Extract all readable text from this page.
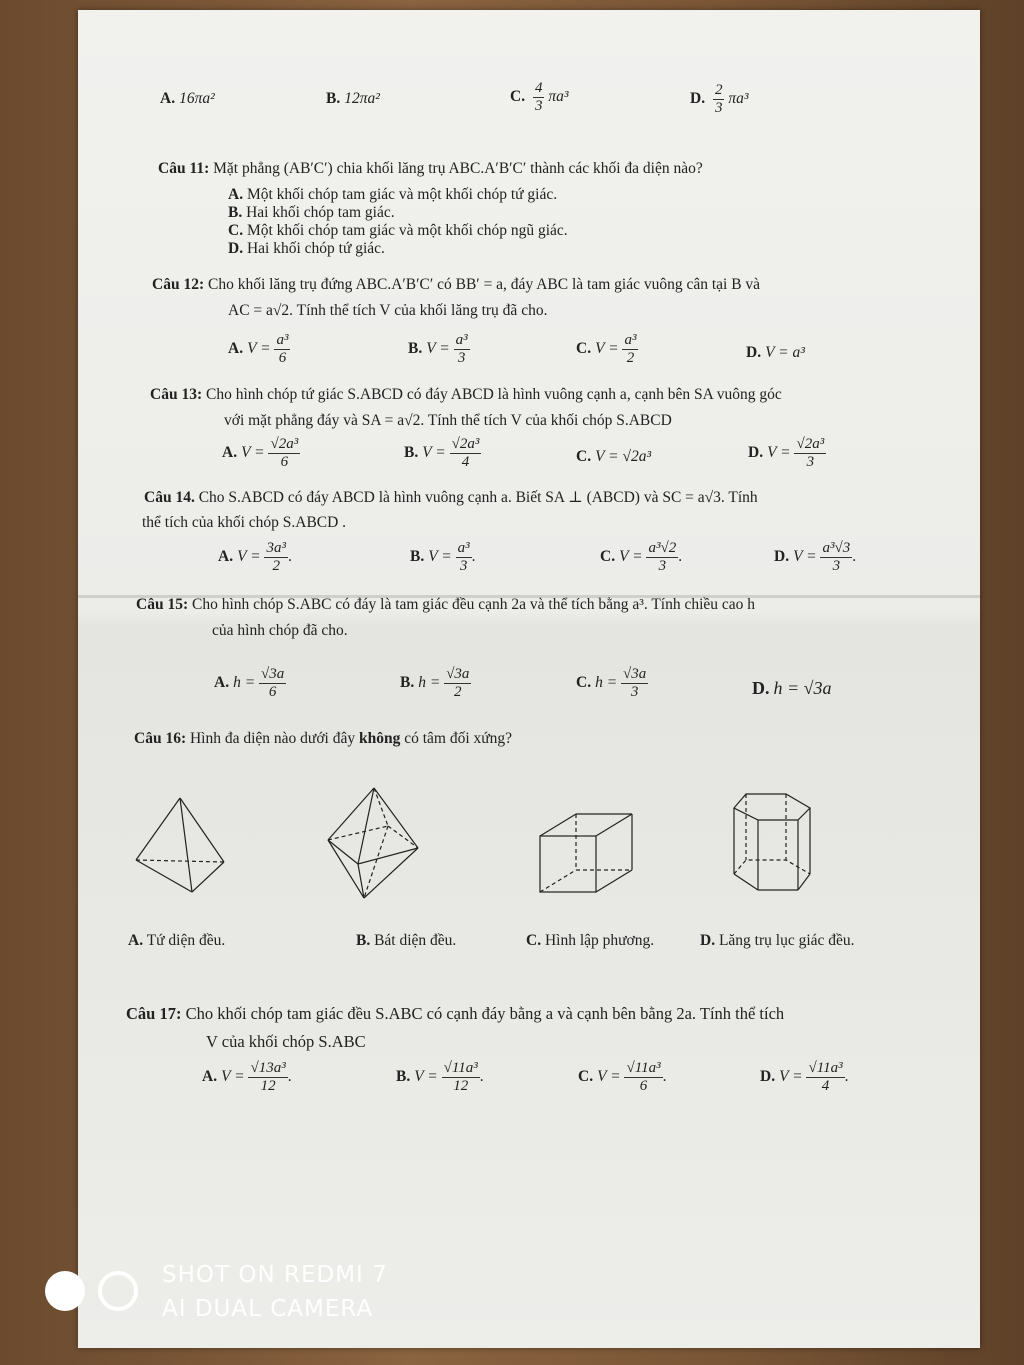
A. 16πa²	B. 12πa²	C. $\frac{4}{3} \pi a^3$	D. $\frac{2}{3} \pi a^3$
Câu 11: Mặt phẳng (AB′C′) chia khối lăng trụ ABC.A′B′C′ thành các khối đa diện nào?
A. Một khối chóp tam giác và một khối chóp tứ giác.
B. Hai khối chóp tam giác.
C. Một khối chóp tam giác và một khối chóp ngũ giác.
D. Hai khối chóp tứ giác.
Câu 12: Cho khối lăng trụ đứng ABC.A′B′C′ có BB′ = a, đáy ABC là tam giác vuông cân tại B và
AC = a√2. Tính thể tích V của khối lăng trụ đã cho.
A. $V = \frac{\text{a³}}{6}$	B. $V = \frac{\text{a³}}{3}$	C. $V = \frac{\text{a³}}{2}$	D. V = a³
Câu 13: Cho hình chóp tứ giác S.ABCD có đáy ABCD là hình vuông cạnh a, cạnh bên SA vuông góc
với mặt phẳng đáy và SA = a√2. Tính thể tích V của khối chóp S.ABCD
A. $V = \frac{\text{√2a³}}{6}$	B. $V = \frac{\text{√2a³}}{4}$	C. V = √2a³	D. $V = \frac{\text{√2a³}}{3}$
Câu 14. Cho S.ABCD có đáy ABCD là hình vuông cạnh a. Biết SA ⊥ (ABCD) và SC = a√3. Tính
thể tích của khối chóp S.ABCD .
A. $V = \frac{\text{3a³}}{2}$ .	B. $V = \frac{\text{a³}}{3}$ .	C. $V = \frac{\text{a³√2}}{3}$ .	D. $V = \frac{\text{a³√3}}{3}$ .
Câu 15: Cho hình chóp S.ABC có đáy là tam giác đều cạnh 2a và thể tích bằng a³. Tính chiều cao h
của hình chóp đã cho.
A. $h = \frac{√3a}{6}$	B. $h = \frac{√3a}{2}$	C. $h = \frac{√3a}{3}$	D. h = √3a
Câu 16: Hình đa diện nào dưới đây không có tâm đối xứng?
A. Tứ diện đều.	B. Bát diện đều.	C. Hình lập phương.	D. Lăng trụ lục giác đều.
Câu 17: Cho khối chóp tam giác đều S.ABC có cạnh đáy bằng a và cạnh bên bằng 2a. Tính thể tích
V của khối chóp S.ABC
A. $V = \frac{\text{√13a³}}{12}$ .	B. $V = \frac{\text{√11a³}}{12}$ .	C. $V = \frac{\text{√11a³}}{6}$ .	D. $V = \frac{\text{√11a³}}{4}$ .
SHOT ON REDMI 7
AI DUAL CAMERA
